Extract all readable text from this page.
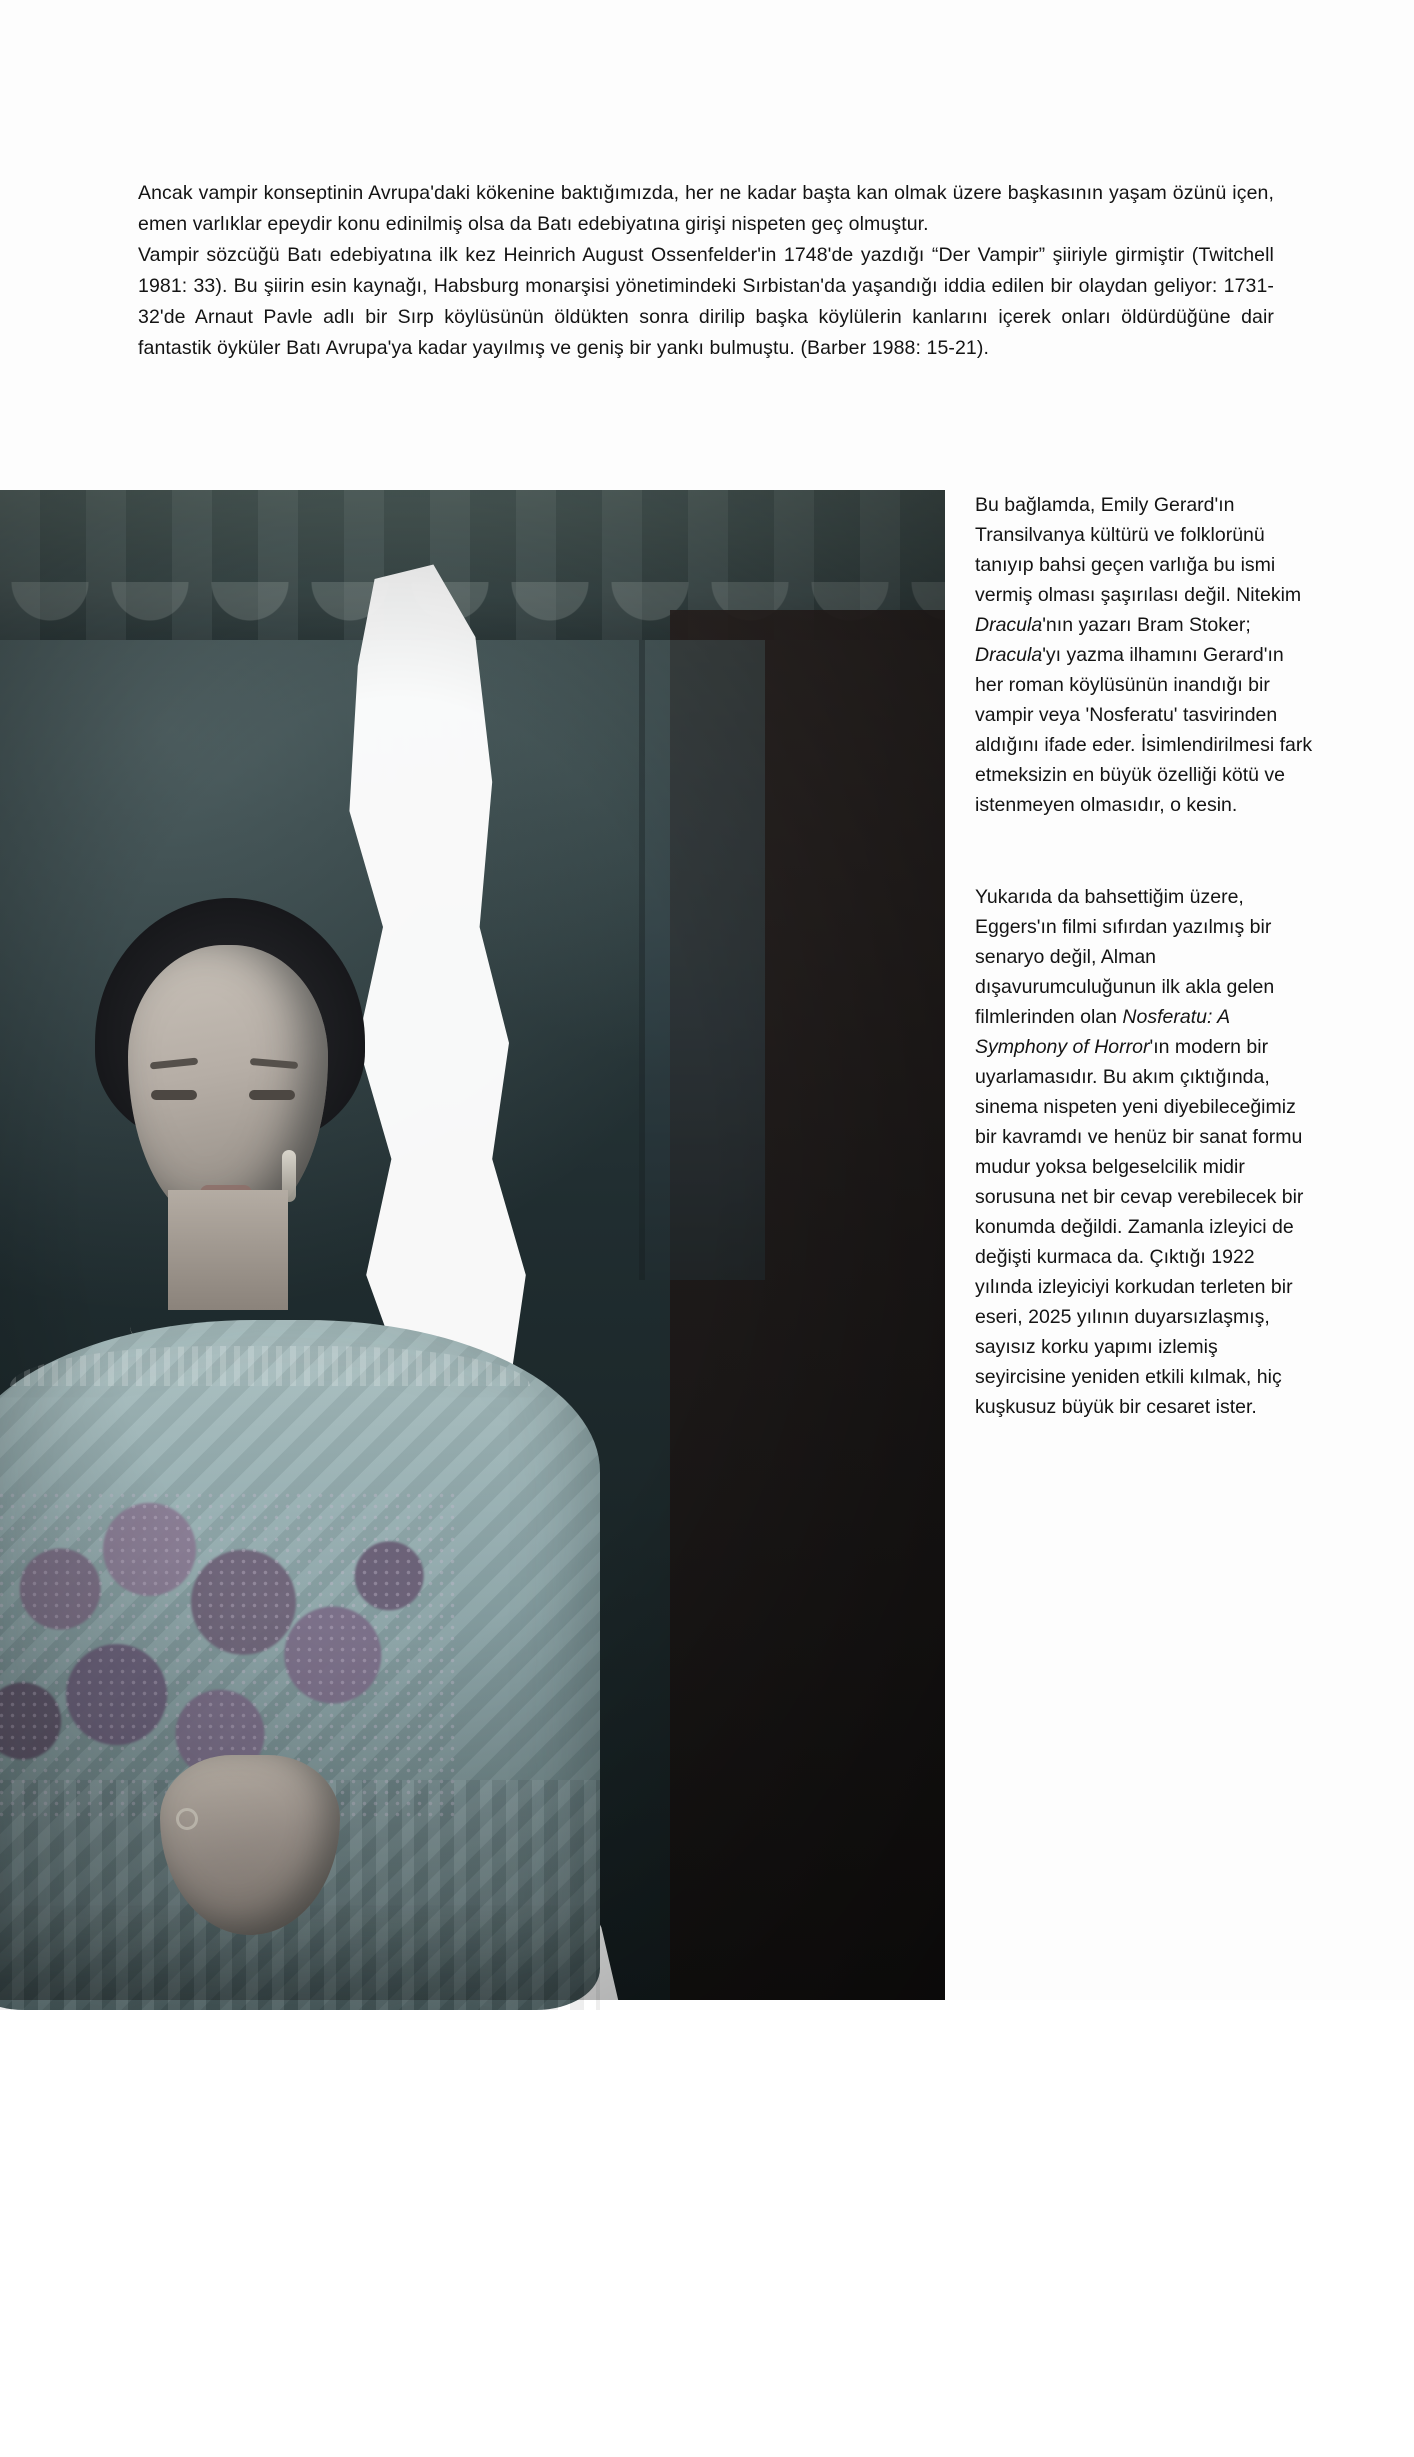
Ancak vampir konseptinin Avrupa'daki kökenine baktığımızda, her ne kadar başta kan olmak üzere başkasının yaşam özünü içen, emen varlıklar epeydir konu edinilmiş olsa da Batı edebiyatına girişi nispeten geç olmuştur.

Vampir sözcüğü Batı edebiyatına ilk kez Heinrich August Ossenfelder'in 1748'de yazdığı “Der Vampir” şiiriyle girmiştir (Twitchell 1981: 33). Bu şiirin esin kaynağı, Habsburg monarşisi yönetimindeki Sırbistan'da yaşandığı iddia edilen bir olaydan geliyor: 1731-32'de Arnaut Pavle adlı bir Sırp köylüsünün öldükten sonra dirilip başka köylülerin kanlarını içerek onları öldürdüğüne dair fantastik öyküler Batı Avrupa'ya kadar yayılmış ve geniş bir yankı bulmuştu. (Barber 1988: 15-21).

12

Bu bağlamda, Emily Gerard'ın Transilvanya kültürü ve folklorünü tanıyıp bahsi geçen varlığa bu ismi vermiş olması şaşırılası değil. Nitekim Dracula'nın yazarı Bram Stoker; Dracula'yı yazma ilhamını Gerard'ın her roman köylüsünün inandığı bir vampir veya 'Nosferatu' tasvirinden aldığını ifade eder. İsimlendirilmesi fark etmeksizin en büyük özelliği kötü ve istenmeyen olmasıdır, o kesin.

Yukarıda da bahsettiğim üzere, Eggers'ın filmi sıfırdan yazılmış bir senaryo değil, Alman dışavurumculuğunun ilk akla gelen filmlerinden olan Nosferatu: A Symphony of Horror'ın modern bir uyarlamasıdır. Bu akım çıktığında, sinema nispeten yeni diyebileceğimiz bir kavramdı ve henüz bir sanat formu mudur yoksa belgeselcilik midir sorusuna net bir cevap verebilecek bir konumda değildi. Zamanla izleyici de değişti kurmaca da. Çıktığı 1922 yılında izleyiciyi korkudan terleten bir eseri, 2025 yılının duyarsızlaşmış, sayısız korku yapımı izlemiş seyircisine yeniden etkili kılmak, hiç kuşkusuz büyük bir cesaret ister.
